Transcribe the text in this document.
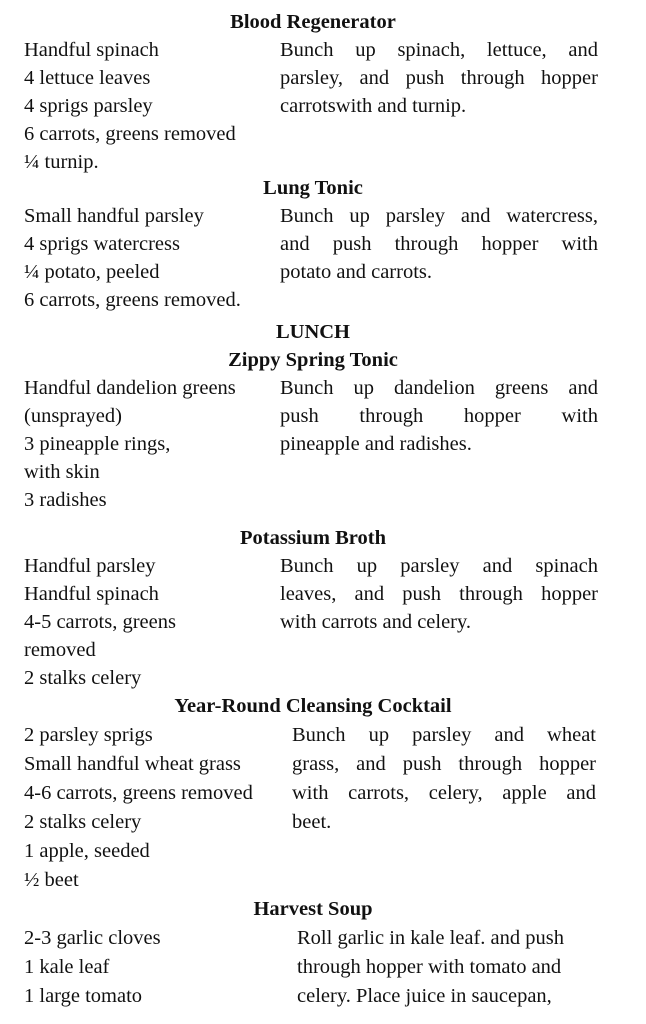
Blood Regenerator
Handful spinach
4 lettuce leaves
4 sprigs parsley
6 carrots, greens removed
¼ turnip.
Bunch up spinach, lettuce, and
parsley, and push through hopper
carrotswith and turnip.
Lung Tonic
Small handful parsley
4 sprigs watercress
¼ potato, peeled
6 carrots, greens removed.
Bunch up parsley and watercress,
and push through hopper with
potato and carrots.
LUNCH
Zippy Spring Tonic
Handful dandelion greens
(unsprayed)
3 pineapple rings,
with skin
3 radishes
Bunch up dandelion greens and
push through hopper with
pineapple and radishes.
Potassium Broth
Handful parsley
Handful spinach
4-5 carrots, greens
removed
2 stalks celery
Bunch up parsley and spinach
leaves, and push through hopper
with carrots and celery.
Year-Round Cleansing Cocktail
2 parsley sprigs
Small handful wheat grass
4-6 carrots, greens removed
2 stalks celery
1 apple, seeded
½ beet
Bunch up parsley and wheat
grass, and push through hopper
with carrots, celery, apple and
beet.
Harvest Soup
2-3 garlic cloves
1 kale leaf
1 large tomato
Roll garlic in kale leaf. and push
through hopper with tomato and
celery. Place juice in saucepan,
